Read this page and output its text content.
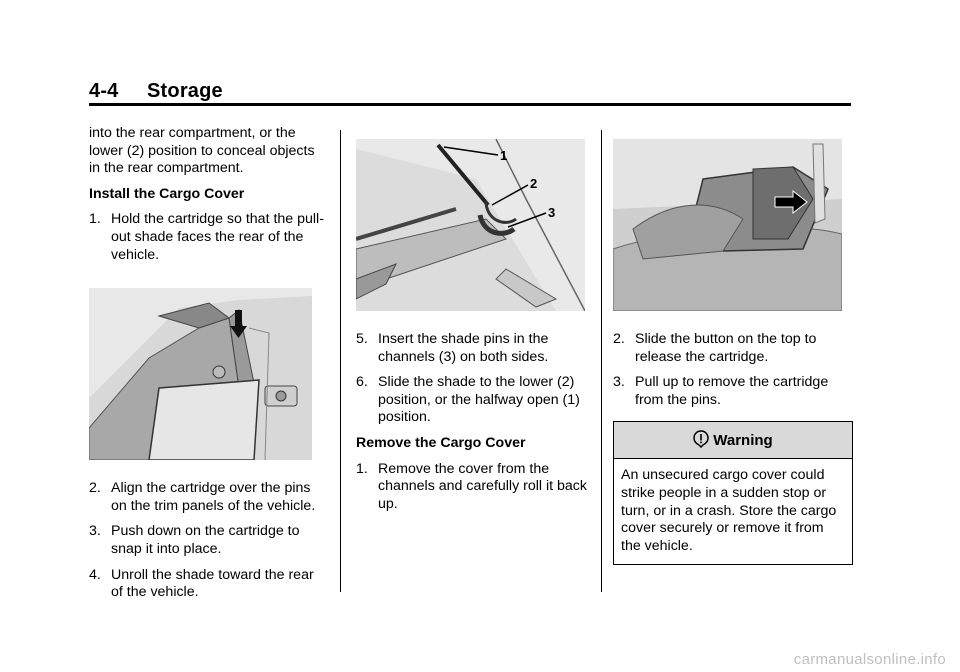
4-4 Storage

into the rear compartment, or the lower (2) position to conceal objects in the rear compartment.

Install the Cargo Cover

1. Hold the cartridge so that the pull-out shade faces the rear of the vehicle.
2. Align the cartridge over the pins on the trim panels of the vehicle.
3. Push down on the cartridge to snap it into place.
4. Unroll the shade toward the rear of the vehicle.
1
2
3
5. Insert the shade pins in the channels (3) on both sides.
6. Slide the shade to the lower (2) position, or the halfway open (1) position.

Remove the Cargo Cover

1. Remove the cover from the channels and carefully roll it back up.
2. Slide the button on the top to release the cartridge.
3. Pull up to remove the cartridge from the pins.
Warning
An unsecured cargo cover could strike people in a sudden stop or turn, or in a crash. Store the cargo cover securely or remove it from the vehicle.
carmanualsonline.info
